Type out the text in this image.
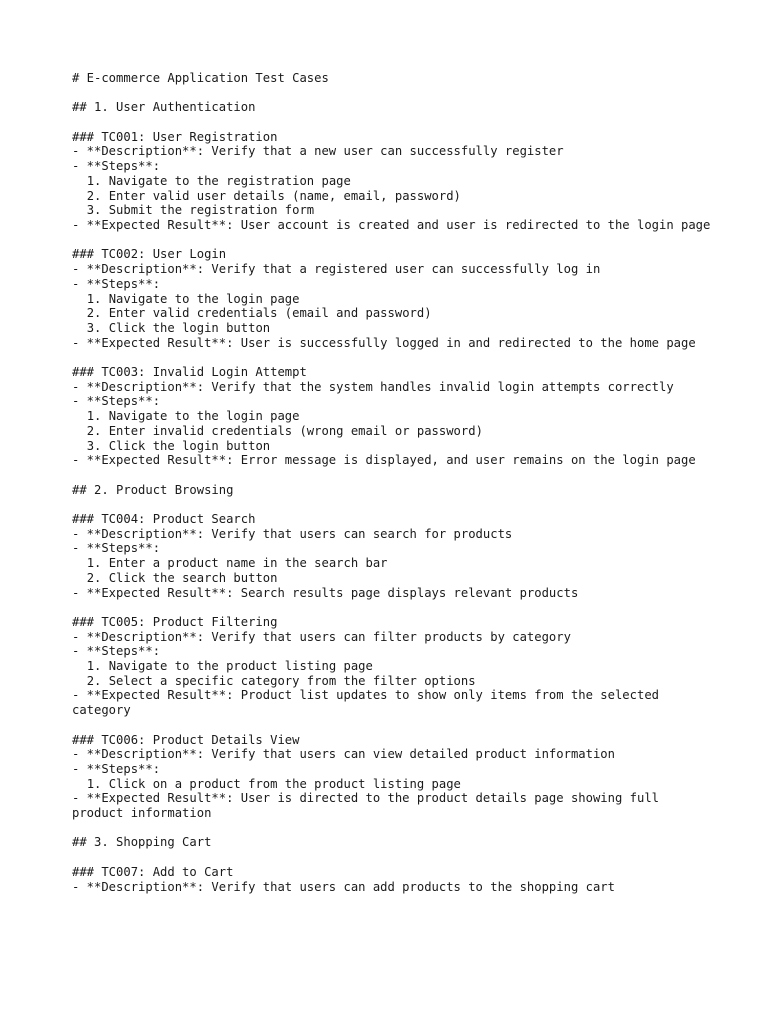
# E-commerce Application Test Cases
## 1. User Authentication
### TC001: User Registration
- **Description**: Verify that a new user can successfully register
- **Steps**:
1. Navigate to the registration page
2. Enter valid user details (name, email, password)
3. Submit the registration form
- **Expected Result**: User account is created and user is redirected to the login page
### TC002: User Login
- **Description**: Verify that a registered user can successfully log in
- **Steps**:
1. Navigate to the login page
2. Enter valid credentials (email and password)
3. Click the login button
- **Expected Result**: User is successfully logged in and redirected to the home page
### TC003: Invalid Login Attempt
- **Description**: Verify that the system handles invalid login attempts correctly
- **Steps**:
1. Navigate to the login page
2. Enter invalid credentials (wrong email or password)
3. Click the login button
- **Expected Result**: Error message is displayed, and user remains on the login page
## 2. Product Browsing
### TC004: Product Search
- **Description**: Verify that users can search for products
- **Steps**:
1. Enter a product name in the search bar
2. Click the search button
- **Expected Result**: Search results page displays relevant products
### TC005: Product Filtering
- **Description**: Verify that users can filter products by category
- **Steps**:
1. Navigate to the product listing page
2. Select a specific category from the filter options
- **Expected Result**: Product list updates to show only items from the selected category
### TC006: Product Details View
- **Description**: Verify that users can view detailed product information
- **Steps**:
1. Click on a product from the product listing page
- **Expected Result**: User is directed to the product details page showing full product information
## 3. Shopping Cart
### TC007: Add to Cart
- **Description**: Verify that users can add products to the shopping cart
